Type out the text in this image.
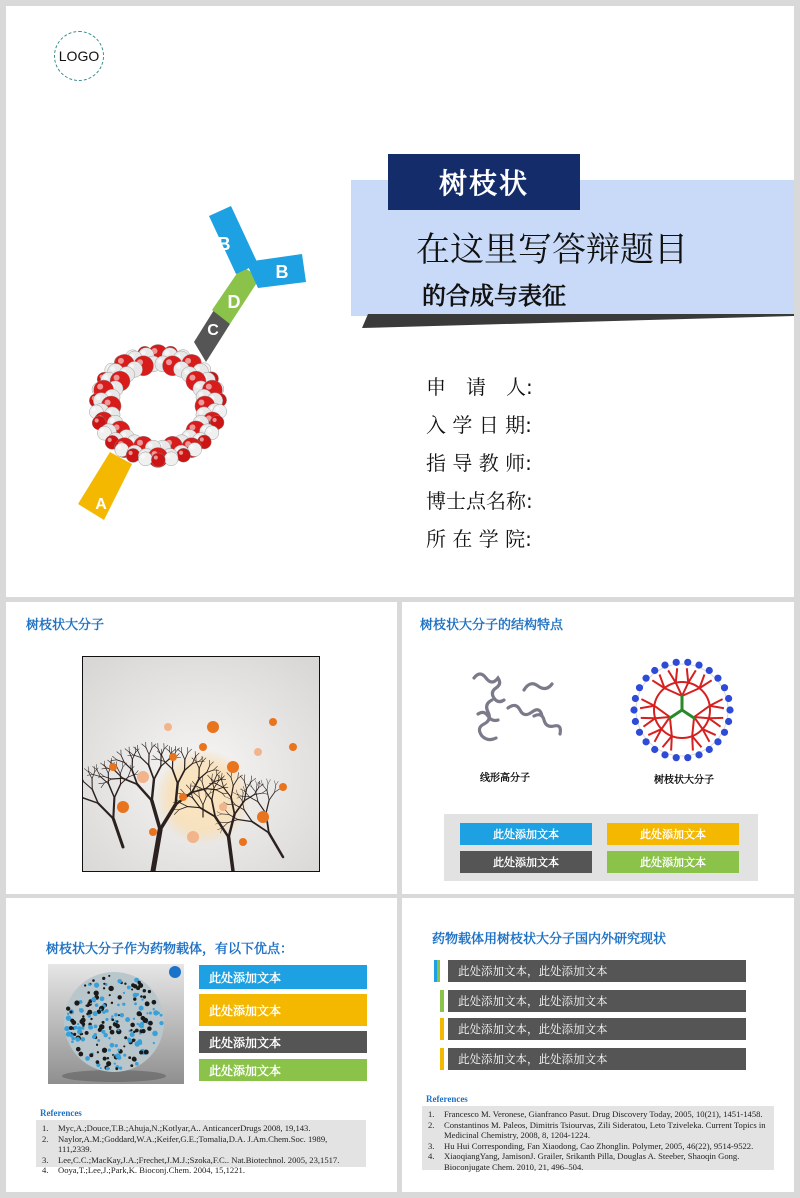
LOGO
B
B
D
C
A
树枝状
在这里写答辩题目
的合成与表征
申　请　人:
入 学 日 期:
指 导 教 师:
博士点名称:
所 在 学 院:
树枝状大分子	树枝状大分子的结构特点
线形高分子	树枝状大分子
此处添加文本	此处添加文本
此处添加文本	此处添加文本
树枝状大分子作为药物载体，有以下优点：
此处添加文本
此处添加文本
此处添加文本
此处添加文本
References
1.	Myc,A.;Douce,T.B.;Ahuja,N.;Kotlyar,A.. AnticancerDrugs 2008, 19,143.
2.	Naylor,A.M.;Goddard,W.A.;Keifer,G.E.;Tomalia,D.A. J.Am.Chem.Soc. 1989, 111,2339.
3.	Lee,C.C.;MacKay,J.A.;Frechet,J.M.J.;Szoka,F.C.. Nat.Biotechnol. 2005, 23,1517.
4.	Ooya,T.;Lee,J.;Park,K. Bioconj.Chem. 2004, 15,1221.
药物载体用树枝状大分子国内外研究现状
此处添加文本，此处添加文本
此处添加文本，此处添加文本
此处添加文本，此处添加文本
此处添加文本，此处添加文本
References
1.	Francesco M. Veronese, Gianfranco Pasut. Drug Discovery Today, 2005, 10(21), 1451-1458.
2.	Constantinos M. Paleos, Dimitris Tsiourvas, Zili Sideratou, Leto Tziveleka. Current Topics in Medicinal Chemistry, 2008, 8, 1204-1224.
3.	Hu Hui Corresponding, Fan Xiaodong, Cao Zhonglin. Polymer, 2005, 46(22), 9514-9522.
4.	XiaoqiangYang, JamisonJ. Grailer, Srikanth Pilla, Douglas A. Steeber, Shaoqin Gong. Bioconjugate Chem. 2010, 21, 496–504.
